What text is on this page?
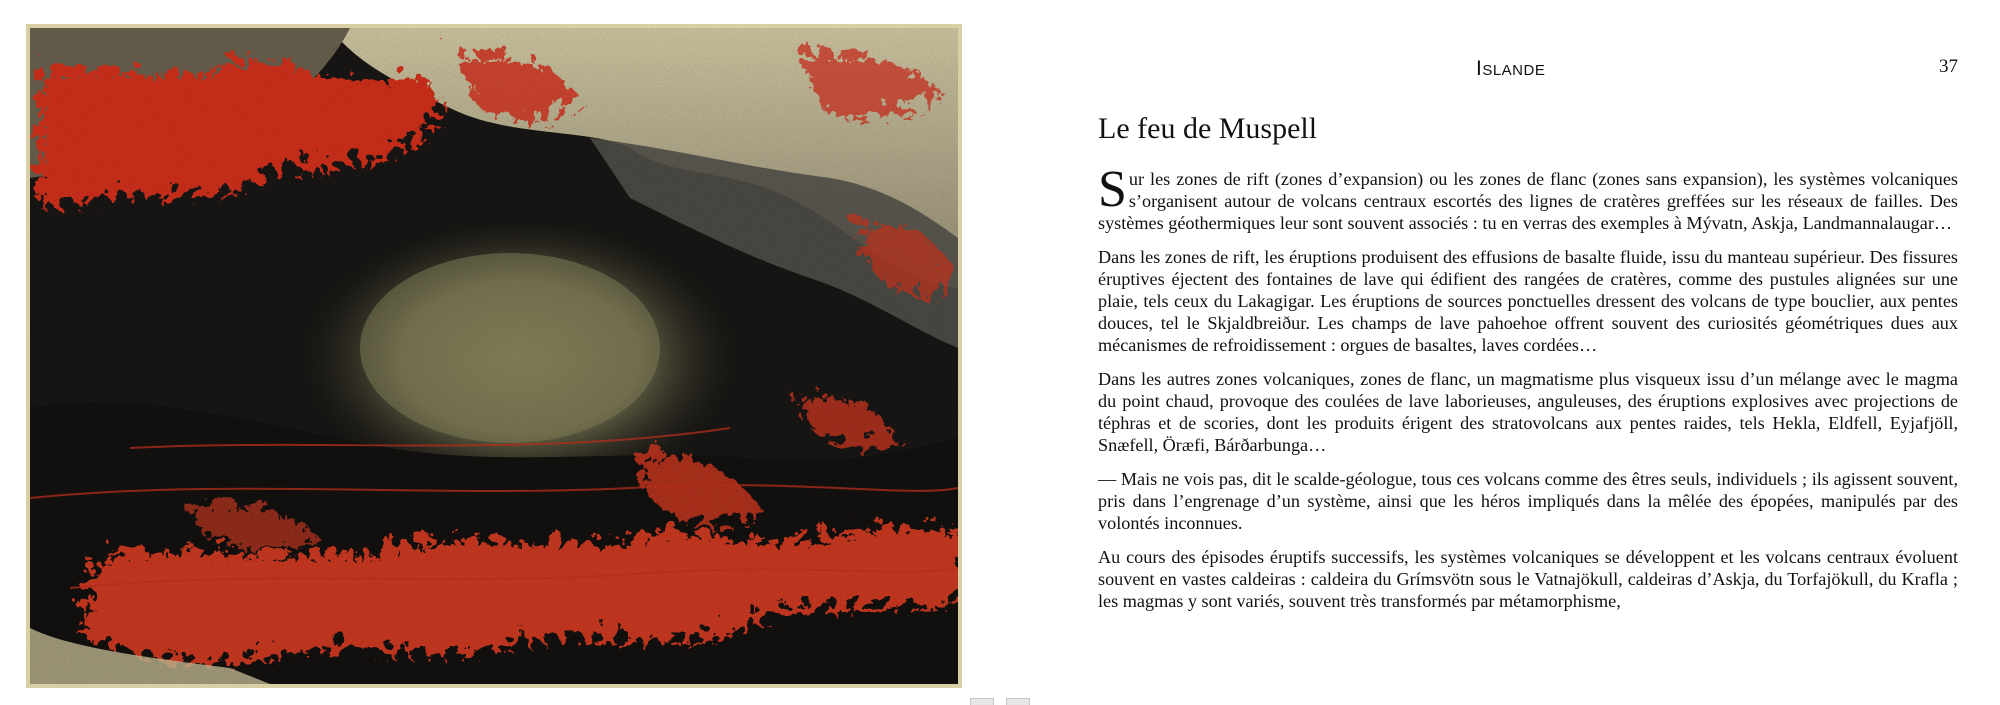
Islande	37
Le feu de Muspell

Sur les zones de rift (zones d’expansion) ou les zones de flanc (zones sans expansion), les systèmes volcaniques s’organisent autour de volcans centraux escortés des lignes de cratères greffées sur les réseaux de failles. Des systèmes géothermiques leur sont souvent associés : tu en verras des exemples à Mývatn, Askja, Landmannalaugar…

Dans les zones de rift, les éruptions produisent des effusions de basalte fluide, issu du manteau supérieur. Des fissures éruptives éjectent des fontaines de lave qui édifient des rangées de cratères, comme des pustules alignées sur une plaie, tels ceux du Lakagigar. Les éruptions de sources ponctuelles dressent des volcans de type bouclier, aux pentes douces, tel le Skjaldbreiður. Les champs de lave pahoehoe offrent souvent des curiosités géométriques dues aux mécanismes de refroidissement : orgues de basaltes, laves cordées…

Dans les autres zones volcaniques, zones de flanc, un magmatisme plus visqueux issu d’un mélange avec le magma du point chaud, provoque des coulées de lave laborieuses, anguleuses, des éruptions explosives avec projections de téphras et de scories, dont les produits érigent des stratovolcans aux pentes raides, tels Hekla, Eldfell, Eyjafjöll, Snæfell, Öræfi, Bárðarbunga…

— Mais ne vois pas, dit le scalde-géologue, tous ces volcans comme des êtres seuls, individuels ; ils agissent souvent, pris dans l’engrenage d’un système, ainsi que les héros impliqués dans la mêlée des épopées, manipulés par des volontés inconnues.

Au cours des épisodes éruptifs successifs, les systèmes volcaniques se développent et les volcans centraux évoluent souvent en vastes caldeiras : caldeira du Grímsvötn sous le Vatnajökull, caldeiras d’Askja, du Torfajökull, du Krafla ; les magmas y sont variés, souvent très transformés par métamorphisme,
